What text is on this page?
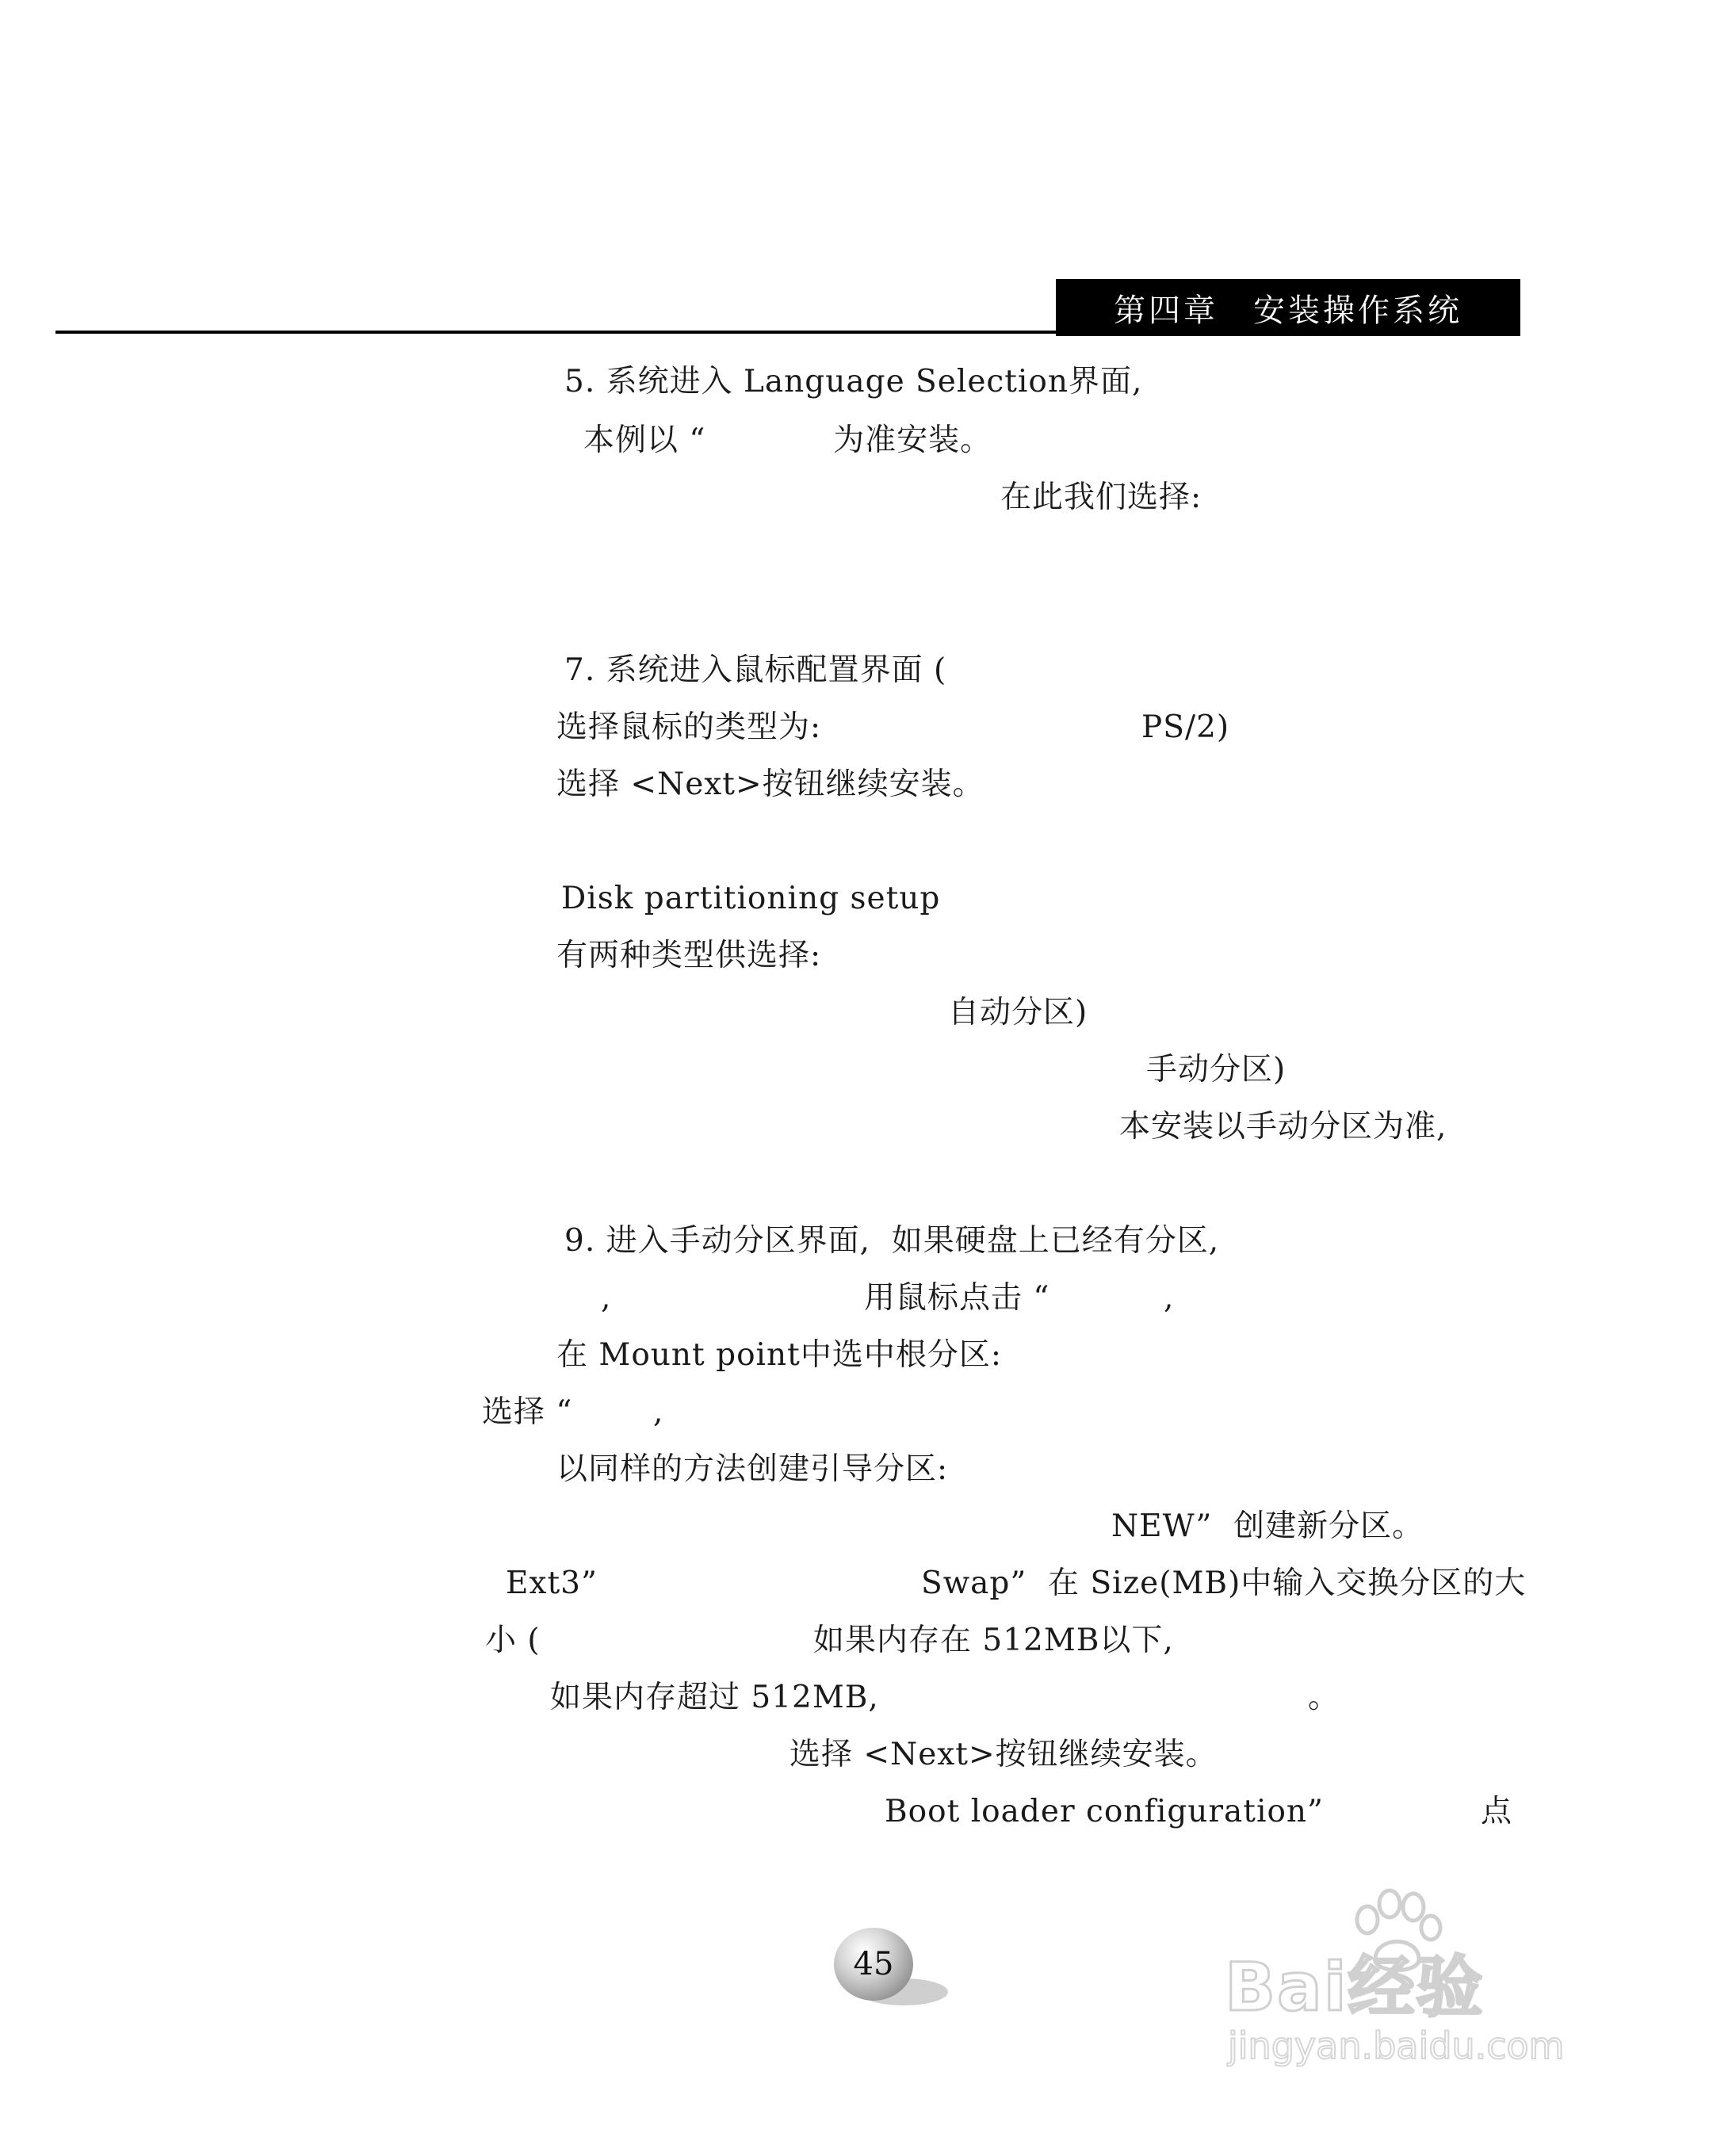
第四章　安装操作系统
5. 系统进入 Language Selection界面,
本例以 “            为准安装。
在此我们选择:
7. 系统进入鼠标配置界面 (
选择鼠标的类型为:	PS/2)
选择 <Next>按钮继续安装。
Disk partitioning setup
有两种类型供选择:
自动分区)
手动分区)
本安装以手动分区为准,
9. 进入手动分区界面,  如果硬盘上已经有分区,
,	用鼠标点击 “	,
在 Mount point中选中根分区:
选择 “	,
以同样的方法创建引导分区:
NEW”  创建新分区。
Ext3”	Swap”  在 Size(MB)中输入交换分区的大
小 (	如果内存在 512MB以下,
如果内存超过 512MB,	。
选择 <Next>按钮继续安装。
Boot loader configuration”	点
45	Bai经验
jingyan.baidu.com
